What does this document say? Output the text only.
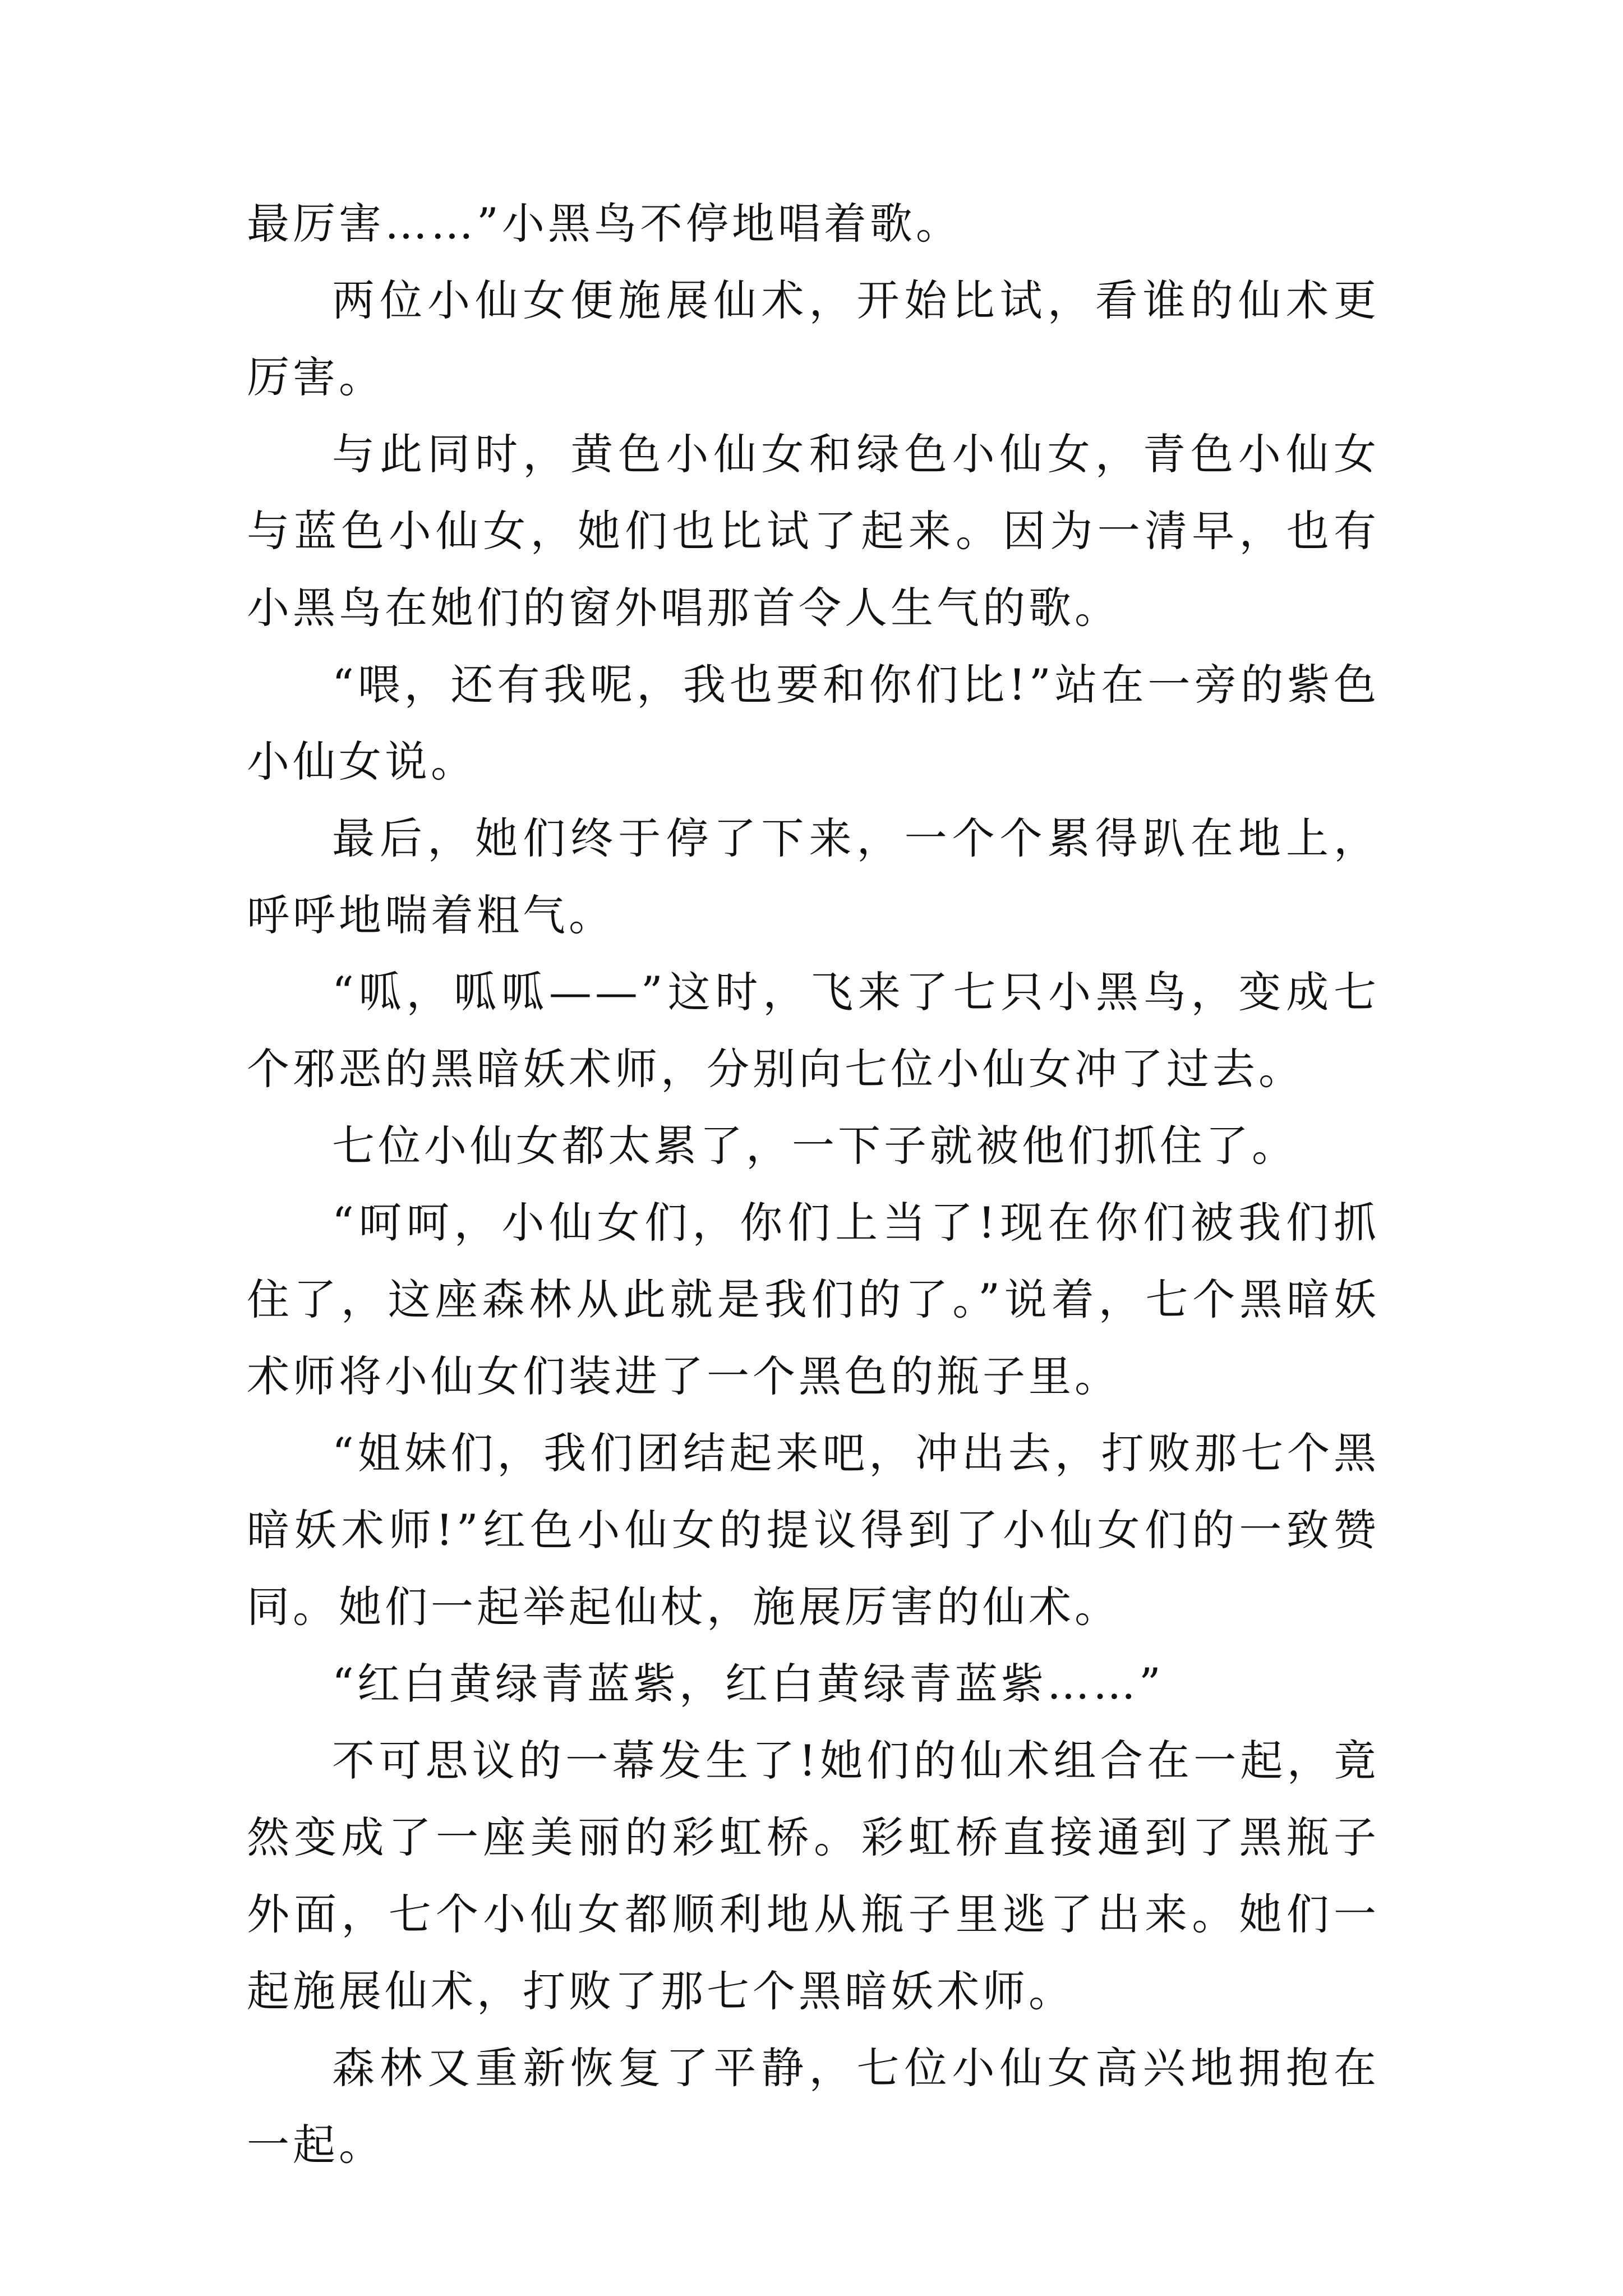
最厉害……”小黑鸟不停地唱着歌。

两位小仙女便施展仙术，开始比试，看谁的仙术更厉害。

与此同时，黄色小仙女和绿色小仙女，青色小仙女与蓝色小仙女，她们也比试了起来。因为一清早，也有小黑鸟在她们的窗外唱那首令人生气的歌。

“喂，还有我呢，我也要和你们比!”站在一旁的紫色小仙女说。

最后，她们终于停了下来，一个个累得趴在地上，呼呼地喘着粗气。

“呱，呱呱——”这时，飞来了七只小黑鸟，变成七个邪恶的黑暗妖术师，分别向七位小仙女冲了过去。

七位小仙女都太累了，一下子就被他们抓住了。

“呵呵，小仙女们，你们上当了!现在你们被我们抓住了，这座森林从此就是我们的了。”说着，七个黑暗妖术师将小仙女们装进了一个黑色的瓶子里。

“姐妹们，我们团结起来吧，冲出去，打败那七个黑暗妖术师!”红色小仙女的提议得到了小仙女们的一致赞同。她们一起举起仙杖，施展厉害的仙术。

“红白黄绿青蓝紫，红白黄绿青蓝紫……”

不可思议的一幕发生了!她们的仙术组合在一起，竟然变成了一座美丽的彩虹桥。彩虹桥直接通到了黑瓶子外面，七个小仙女都顺利地从瓶子里逃了出来。她们一起施展仙术，打败了那七个黑暗妖术师。

森林又重新恢复了平静，七位小仙女高兴地拥抱在一起。
